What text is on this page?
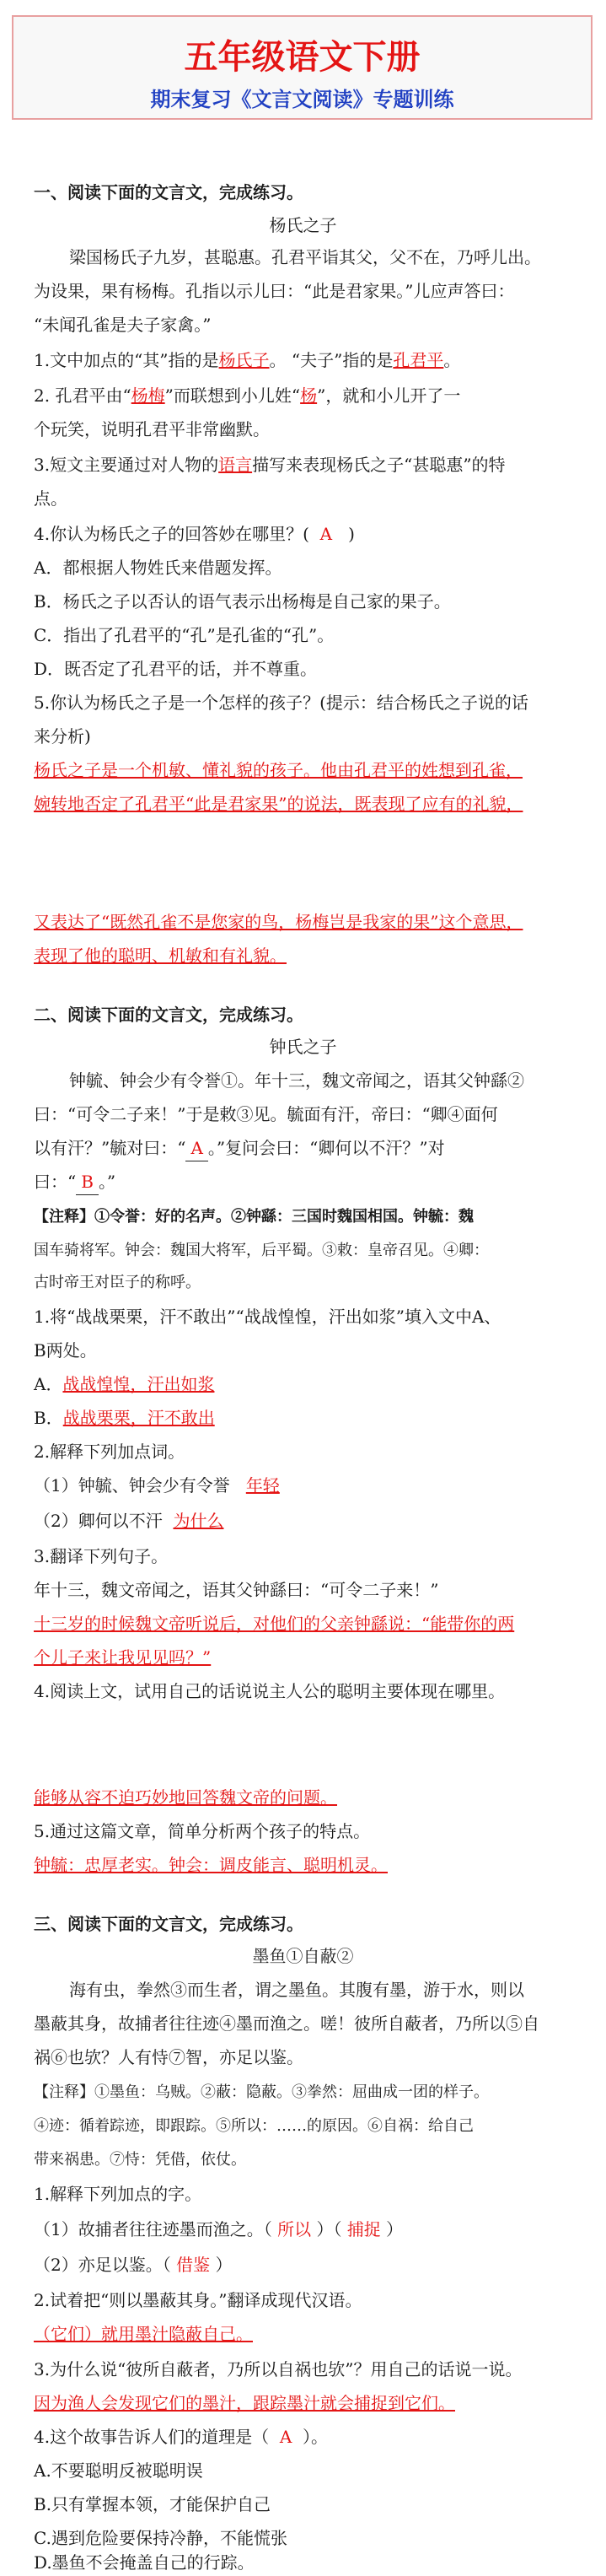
五年级语文下册
期末复习《文言文阅读》专题训练
一、阅读下面的文言文，完成练习。
杨氏之子
梁国杨氏子九岁，甚聪惠。孔君平诣其父，父不在，乃呼儿出。
为设果，果有杨梅。孔指以示儿曰：“此是君家果。”儿应声答曰：
“未闻孔雀是夫子家禽。”
1.文中加点的“其”指的是杨氏子。 “夫子”指的是孔君平。
2. 孔君平由“杨梅”而联想到小儿姓“杨”，就和小儿开了一
个玩笑，说明孔君平非常幽默。
3.短文主要通过对人物的语言描写来表现杨氏之子“甚聪惠”的特
点。
4.你认为杨氏之子的回答妙在哪里？( A )
A．都根据人物姓氏来借题发挥。
B．杨氏之子以否认的语气表示出杨梅是自己家的果子。
C．指出了孔君平的“孔”是孔雀的“孔”。
D．既否定了孔君平的话，并不尊重。
5.你认为杨氏之子是一个怎样的孩子？(提示：结合杨氏之子说的话
来分析)
杨氏之子是一个机敏、懂礼貌的孩子。他由孔君平的姓想到孔雀，
婉转地否定了孔君平“此是君家果”的说法，既表现了应有的礼貌，
又表达了“既然孔雀不是您家的鸟，杨梅岂是我家的果”这个意思，
表现了他的聪明、机敏和有礼貌。
二、阅读下面的文言文，完成练习。
钟氏之子
钟毓、钟会少有令誉①。年十三，魏文帝闻之，语其父钟繇②
曰：“可令二子来！”于是敕③见。毓面有汗，帝曰：“卿④面何
以有汗？”毓对曰：“ A 。”复问会曰：“卿何以不汗？”对
曰：“ B 。”
【注释】①令誉：好的名声。②钟繇：三国时魏国相国。钟毓：魏
国车骑将军。钟会：魏国大将军，后平蜀。③敕：皇帝召见。④卿：
古时帝王对臣子的称呼。
1.将“战战栗栗，汗不敢出”“战战惶惶，汗出如浆”填入文中A、
B两处。
A．战战惶惶，汗出如浆
B．战战栗栗，汗不敢出
2.解释下列加点词。
（1）钟毓、钟会少有令誉 年轻
（2）卿何以不汗 为什么
3.翻译下列句子。
年十三，魏文帝闻之，语其父钟繇曰：“可令二子来！”
十三岁的时候魏文帝听说后，对他们的父亲钟繇说：“能带你的两
个儿子来让我见见吗？”
4.阅读上文，试用自己的话说说主人公的聪明主要体现在哪里。
能够从容不迫巧妙地回答魏文帝的问题。
5.通过这篇文章，简单分析两个孩子的特点。
钟毓：忠厚老实。钟会：调皮能言、聪明机灵。
三、阅读下面的文言文，完成练习。
墨鱼①自蔽②
海有虫，拳然③而生者，谓之墨鱼。其腹有墨，游于水，则以
墨蔽其身，故捕者往往迹④墨而渔之。嗟！彼所自蔽者，乃所以⑤自
祸⑥也欤？人有恃⑦智，亦足以鉴。
【注释】①墨鱼：乌贼。②蔽：隐蔽。③拳然：屈曲成一团的样子。
④迹：循着踪迹，即跟踪。⑤所以：……的原因。⑥自祸：给自己
带来祸患。⑦恃：凭借，依仗。
1.解释下列加点的字。
（1）故捕者往往迹墨而渔之。（ 所以 ）（ 捕捉 ）
（2）亦足以鉴。（ 借鉴 ）
2.试着把“则以墨蔽其身。”翻译成现代汉语。
（它们）就用墨汁隐蔽自己。
3.为什么说“彼所自蔽者，乃所以自祸也欤”？用自己的话说一说。
因为渔人会发现它们的墨汁，跟踪墨汁就会捕捉到它们。
4.这个故事告诉人们的道理是（ A ）。
A.不要聪明反被聪明误
B.只有掌握本领，才能保护自己
C.遇到危险要保持冷静，不能慌张
D.墨鱼不会掩盖自己的行踪。
